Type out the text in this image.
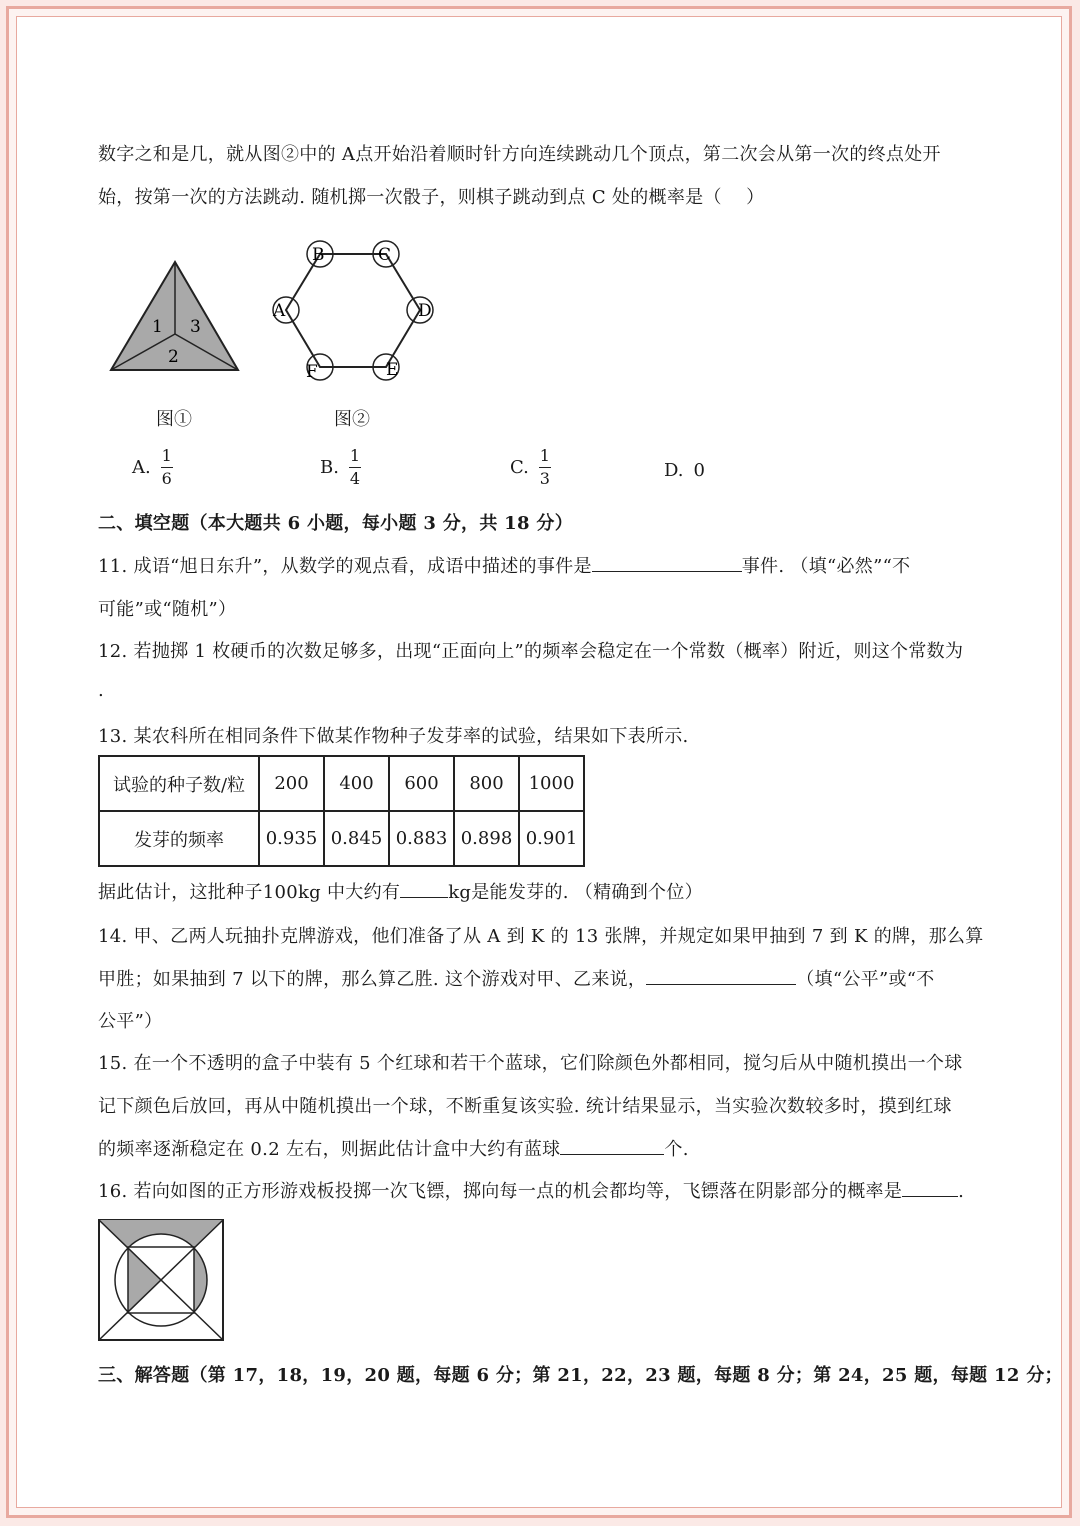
数字之和是几，就从图②中的 A点开始沿着顺时针方向连续跳动几个顶点，第二次会从第一次的终点处开
始，按第一次的方法跳动. 随机掷一次骰子，则棋子跳动到点 C 处的概率是（　 ）
1 3
2
B	C
D
E
F
A
图①	图②
A. $\frac{1}{6}$	B. $\frac{1}{4}$	C. $\frac{1}{3}$	D. 0
二、填空题（本大题共 6 小题，每小题 3 分，共 18 分）
11. 成语“旭日东升”，从数学的观点看，成语中描述的事件是	事件. （填“必然”“不
可能”或“随机”）
12. 若抛掷 1 枚硬币的次数足够多，出现“正面向上”的频率会稳定在一个常数（概率）附近，则这个常数为
.
13. 某农科所在相同条件下做某作物种子发芽率的试验，结果如下表所示.
试验的种子数/粒	200	400	600	800	1000
发芽的频率	0.935	0.845	0.883	0.898	0.901
据此估计，这批种子100kg 中大约有	kg是能发芽的. （精确到个位）
14. 甲、乙两人玩抽扑克牌游戏，他们准备了从 A 到 K 的 13 张牌，并规定如果甲抽到 7 到 K 的牌，那么算
甲胜；如果抽到 7 以下的牌，那么算乙胜. 这个游戏对甲、乙来说，	（填“公平”或“不
公平”）
15. 在一个不透明的盒子中装有 5 个红球和若干个蓝球，它们除颜色外都相同，搅匀后从中随机摸出一个球
记下颜色后放回，再从中随机摸出一个球，不断重复该实验. 统计结果显示，当实验次数较多时，摸到红球
的频率逐渐稳定在 0.2 左右，则据此估计盒中大约有蓝球	个.
16. 若向如图的正方形游戏板投掷一次飞镖，掷向每一点的机会都均等，飞镖落在阴影部分的概率是	.
三、解答题（第 17，18，19，20 题，每题 6 分；第 21，22，23 题，每题 8 分；第 24，25 题，每题 12 分；
